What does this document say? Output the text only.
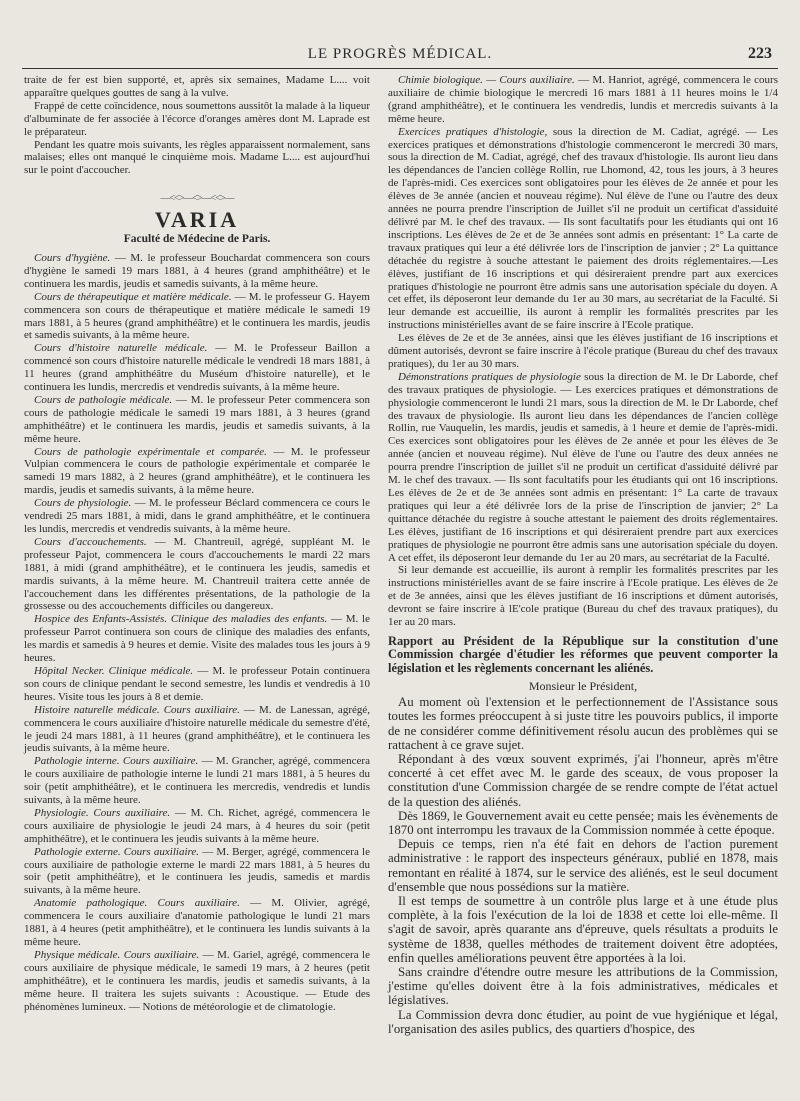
LE PROGRÈS MÉDICAL.	223

traite de fer est bien supporté, et, après six semaines, Madame L.... voit apparaître quelques gouttes de sang à la vulve.

Frappé de cette coïncidence, nous soumettons aussitôt la malade à la liqueur d'albuminate de fer associée à l'écorce d'oranges amères dont M. Laprade est le préparateur.

Pendant les quatre mois suivants, les règles apparaissent normalement, sans malaises; elles ont manqué le cinquième mois. Madame L.... est aujourd'hui sur le point d'accoucher.

—<<>—<>—<<>—
VARIA
Faculté de Médecine de Paris.

Cours d'hygiène. — M. le professeur Bouchardat commencera son cours d'hygiène le samedi 19 mars 1881, à 4 heures (grand amphithéâtre) et le continuera les mardis, jeudis et samedis suivants, à la même heure.

Cours de thérapeutique et matière médicale. — M. le professeur G. Hayem commencera son cours de thérapeutique et matière médicale le samedi 19 mars 1881, à 5 heures (grand amphithéâtre) et le continuera les mardis, jeudis et samedis suivants, à la même heure.

Cours d'histoire naturelle médicale. — M. le Professeur Baillon a commencé son cours d'histoire naturelle médicale le vendredi 18 mars 1881, à 11 heures (grand amphithéâtre du Muséum d'histoire naturelle), et le continuera les lundis, mercredis et vendredis suivants, à la même heure.

Cours de pathologie médicale. — M. le professeur Peter commencera son cours de pathologie médicale le samedi 19 mars 1881, à 3 heures (grand amphithéâtre) et le continuera les mardis, jeudis et samedis suivants, à la même heure.

Cours de pathologie expérimentale et comparée. — M. le professeur Vulpian commencera le cours de pathologie expérimentale et comparée le samedi 19 mars 1882, à 2 heures (grand amphithéâtre), et le continuera les mardis, jeudis et samedis suivants, à la même heure.

Cours de physiologie. — M. le professeur Béclard commencera ce cours le vendredi 25 mars 1881, à midi, dans le grand amphithéâtre, et le continuera les lundis, mercredis et vendredis suivants, à la même heure.

Cours d'accouchements. — M. Chantreuil, agrégé, suppléant M. le professeur Pajot, commencera le cours d'accouchements le mardi 22 mars 1881, à midi (grand amphithéâtre), et le continuera les jeudis, samedis et mardis suivants, à la même heure. M. Chantreuil traitera cette année de l'accouchement dans les différentes présentations, de la pathologie de la grossesse ou des accouchements difficiles ou dangereux.

Hospice des Enfants-Assistés. Clinique des maladies des enfants. — M. le professeur Parrot continuera son cours de clinique des maladies des enfants, les mardis et samedis à 9 heures et demie. Visite des malades tous les jours à 9 heures.

Hôpital Necker. Clinique médicale. — M. le professeur Potain continuera son cours de clinique pendant le second semestre, les lundis et vendredis à 10 heures. Visite tous les jours à 8 et demie.

Histoire naturelle médicale. Cours auxiliaire. — M. de Lanessan, agrégé, commencera le cours auxiliaire d'histoire naturelle médicale du semestre d'été, le jeudi 24 mars 1881, à 11 heures (grand amphithéâtre), et le continuera les jeudis suivants, à la même heure.

Pathologie interne. Cours auxiliaire. — M. Grancher, agrégé, commencera le cours auxiliaire de pathologie interne le lundi 21 mars 1881, à 5 heures du soir (petit amphithéâtre), et le continuera les mercredis, vendredis et lundis suivants, à la même heure.

Physiologie. Cours auxiliaire. — M. Ch. Richet, agrégé, commencera le cours auxiliaire de physiologie le jeudi 24 mars, à 4 heures du soir (petit amphithéâtre), et le continuera les jeudis suivants à la même heure.

Pathologie externe. Cours auxiliaire. — M. Berger, agrégé, commencera le cours auxiliaire de pathologie externe le mardi 22 mars 1881, à 5 heures du soir (petit amphithéâtre), et le continuera les jeudis, samedis et mardis suivants, à la même heure.

Anatomie pathologique. Cours auxiliaire. — M. Olivier, agrégé, commencera le cours auxiliaire d'anatomie pathologique le lundi 21 mars 1881, à 4 heures (petit amphithéâtre), et le continuera les lundis suivants à la même heure.

Physique médicale. Cours auxiliaire. — M. Gariel, agrégé, commencera le cours auxiliaire de physique médicale, le samedi 19 mars, à 2 heures (petit amphithéâtre), et le continuera les mardis, jeudis et samedis suivants, à la même heure. Il traitera les sujets suivants : Acoustique. — Etude des phénomènes lumineux. — Notions de météorologie et de climatologie.

Chimie biologique. — Cours auxiliaire. — M. Hanriot, agrégé, commencera le cours auxiliaire de chimie biologique le mercredi 16 mars 1881 à 11 heures moins le 1/4 (grand amphithéâtre), et le continuera les vendredis, lundis et mercredis suivants à la même heure.

Exercices pratiques d'histologie, sous la direction de M. Cadiat, agrégé. — Les exercices pratiques et démonstrations d'histologie commenceront le mercredi 30 mars, sous la direction de M. Cadiat, agrégé, chef des travaux d'histologie. Ils auront lieu dans les dépendances de l'ancien collège Rollin, rue Lhomond, 42, tous les jours, à 3 heures de l'après-midi. Ces exercices sont obligatoires pour les élèves de 2e année et pour les élèves de 3e année (ancien et nouveau régime). Nul élève de l'une ou l'autre des deux années ne pourra prendre l'inscription de Juillet s'il ne produit un certificat d'assiduité délivré par M. le chef des travaux. — Ils sont facultatifs pour les étudiants qui ont 16 inscriptions. Les élèves de 2e et de 3e années sont admis en présentant: 1° La carte de travaux pratiques qui leur a été délivrée lors de l'inscription de janvier ; 2° La quittance détachée du registre à souche attestant le paiement des droits réglementaires.—Les élèves, justifiant de 16 inscriptions et qui désireraient prendre part aux exercices pratiques d'histologie ne pourront être admis sans une autorisation spéciale du doyen. A cet effet, ils déposeront leur demande du 1er au 30 mars, au secrétariat de la Faculté. Si leur demande est accueillie, ils auront à remplir les formalités prescrites par les instructions ministérielles avant de se faire inscrire à l'Ecole pratique.

Les élèves de 2e et de 3e années, ainsi que les élèves justifiant de 16 inscriptions et dûment autorisés, devront se faire inscrire à l'école pratique (Bureau du chef des travaux pratiques), du 1er au 30 mars.

Démonstrations pratiques de physiologie sous la direction de M. le Dr Laborde, chef des travaux pratiques de physiologie. — Les exercices pratiques et démonstrations de physiologie commenceront le lundi 21 mars, sous la direction de M. le Dr Laborde, chef des travaux de physiologie. Ils auront lieu dans les dépendances de l'ancien collège Rollin, rue Vauquelin, les mardis, jeudis et samedis, à 1 heure et demie de l'après-midi. Ces exercices sont obligatoires pour les élèves de 2e année et pour les élèves de 3e année (ancien et nouveau régime). Nul élève de l'une ou l'autre des deux années ne pourra prendre l'inscription de juillet s'il ne produit un certificat d'assiduité délivré par M. le chef des travaux. — Ils sont facultatifs pour les étudiants qui ont 16 inscriptions. Les élèves de 2e et de 3e années sont admis en présentant: 1° La carte de travaux pratiques qui leur a été délivrée lors de la prise de l'inscription de janvier; 2° La quittance détachée du registre à souche attestant le paiement des droits réglementaires. Les élèves, justifiant de 16 inscriptions et qui désireraient prendre part aux exercices pratiques de physiologie ne pourront être admis sans une autorisation spéciale du doyen. A cet effet, ils déposeront leur demande du 1er au 20 mars, au secrétariat de la Faculté.

Si leur demande est accueillie, ils auront à remplir les formalités prescrites par les instructions ministérielles avant de se faire inscrire à l'Ecole pratique. Les élèves de 2e et de 3e années, ainsi que les élèves justifiant de 16 inscriptions et dûment autorisés, devront se faire inscrire à lE'cole pratique (Bureau du chef des travaux pratiques), du 1er au 20 mars.

Rapport au Président de la République sur la constitution d'une Commission chargée d'étudier les réformes que peuvent comporter la législation et les règlements concernant les aliénés.
Monsieur le Président,

Au moment où l'extension et le perfectionnement de l'Assistance sous toutes les formes préoccupent à si juste titre les pouvoirs publics, il importe de ne considérer comme définitivement résolu aucun des problèmes qui se rattachent à ce grave sujet.

Répondant à des vœux souvent exprimés, j'ai l'honneur, après m'être concerté à cet effet avec M. le garde des sceaux, de vous proposer la constitution d'une Commission chargée de se rendre compte de l'état actuel de la question des aliénés.

Dès 1869, le Gouvernement avait eu cette pensée; mais les évènements de 1870 ont interrompu les travaux de la Commission nommée à cette époque.

Depuis ce temps, rien n'a été fait en dehors de l'action purement administrative : le rapport des inspecteurs généraux, publié en 1878, mais remontant en réalité à 1874, sur le service des aliénés, est le seul document d'ensemble que nous possédions sur la matière.

Il est temps de soumettre à un contrôle plus large et à une étude plus complète, à la fois l'exécution de la loi de 1838 et cette loi elle-même. Il s'agit de savoir, après quarante ans d'épreuve, quels résultats a produits le système de 1838, quelles méthodes de traitement doivent être adoptées, enfin quelles améliorations peuvent être apportées à la loi.

Sans craindre d'étendre outre mesure les attributions de la Commission, j'estime qu'elles doivent être à la fois administratives, médicales et législatives.

La Commission devra donc étudier, au point de vue hygiénique et légal, l'organisation des asiles publics, des quartiers d'hospice, des
